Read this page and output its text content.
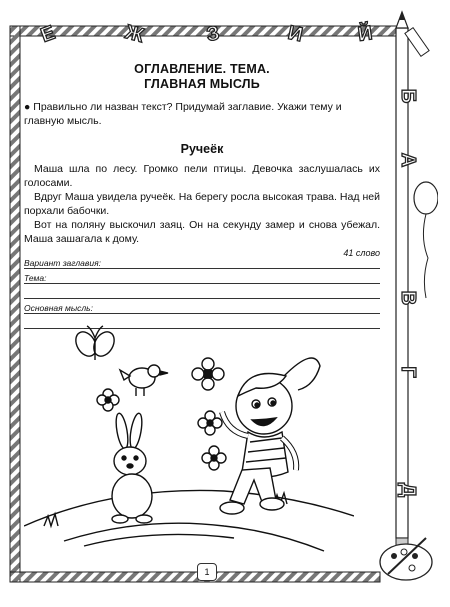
Е	Ж	З	И	Й
Б
А
В
Г
Д
ОГЛАВЛЕНИЕ. ТЕМА.
ГЛАВНАЯ МЫСЛЬ
● Правильно ли назван текст? Придумай заглавие. Укажи тему и главную мысль.
Ручеёк

Маша шла по лесу. Громко пели птицы. Девочка заслушалась их голосами.

Вдруг Маша увидела ручеёк. На берегу росла высокая трава. Над ней порхали бабочки.

Вот на поляну выскочил заяц. Он на секунду замер и снова убежал. Маша зашагала к дому.

41 слово
Вариант заглавия:
Тема:
Основная мысль:
1
